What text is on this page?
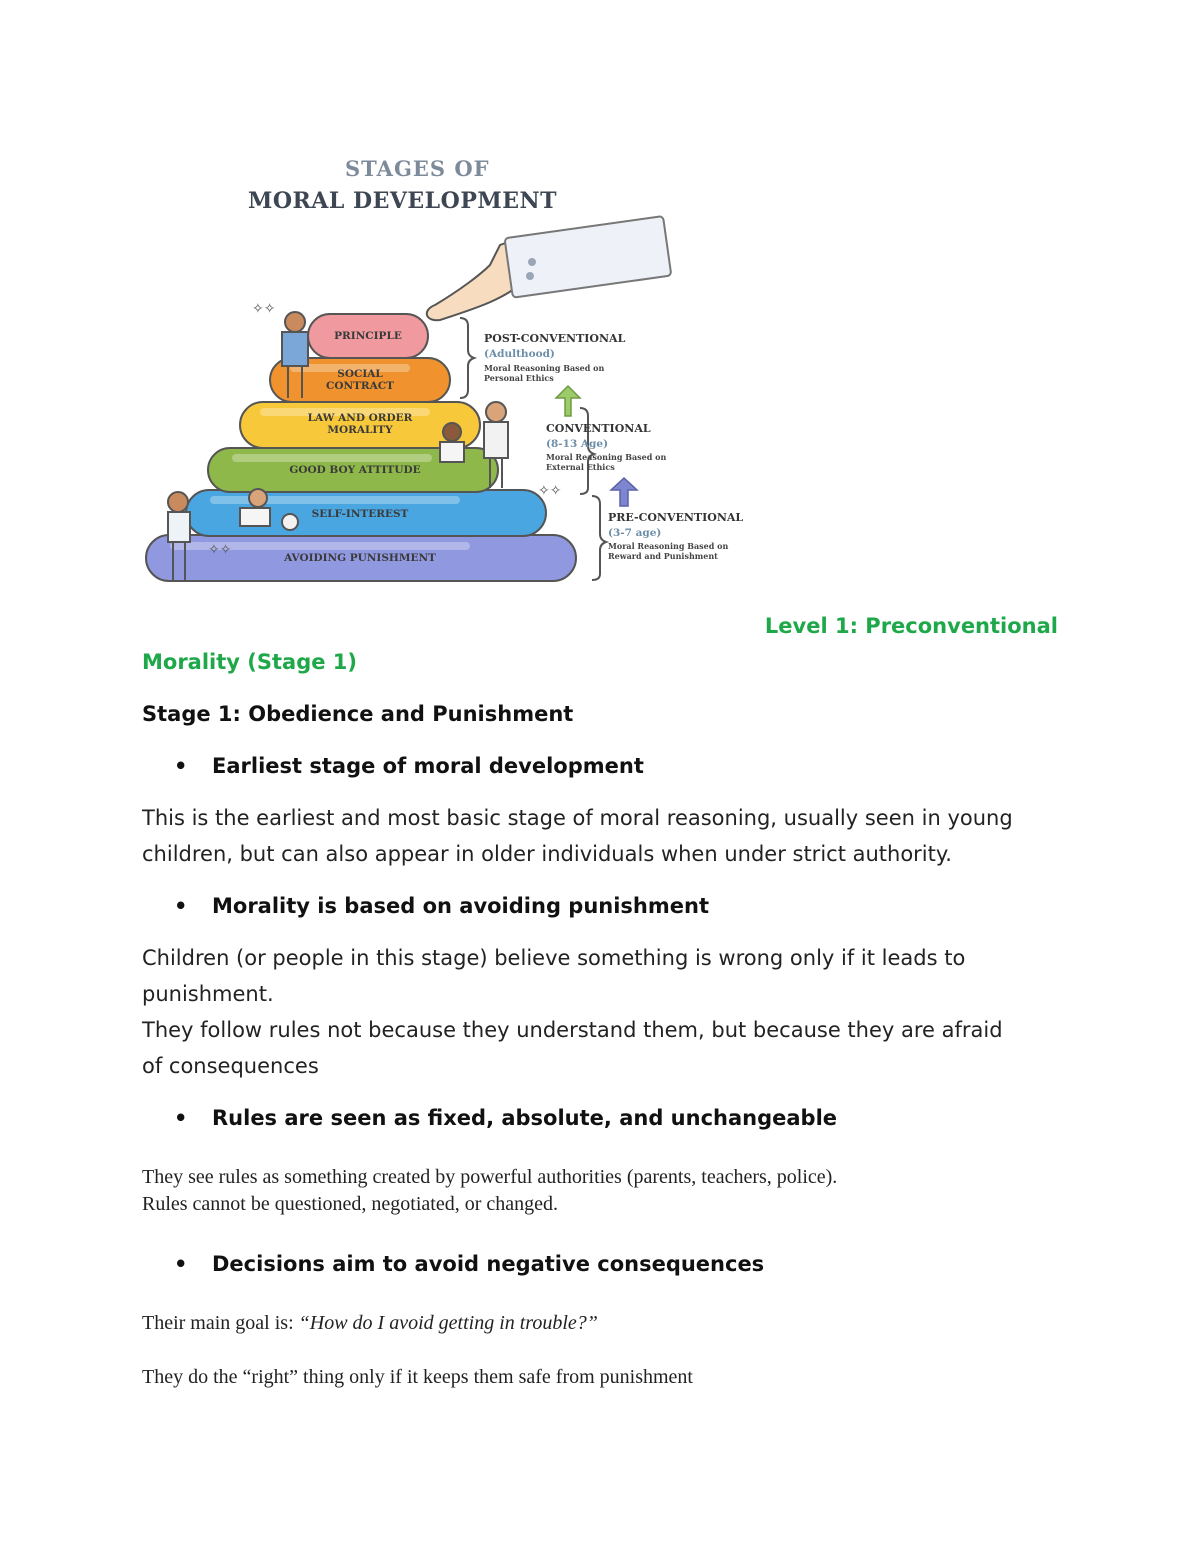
✧✧
✧✧
✧✧
STAGES OF
MORAL DEVELOPMENT
PRINCIPLE
SOCIAL CONTRACT
LAW AND ORDER MORALITY
GOOD BOY ATTITUDE
SELF-INTEREST
AVOIDING PUNISHMENT
POST-CONVENTIONAL
(Adulthood)
Moral Reasoning Based on Personal Ethics
CONVENTIONAL
(8-13 Age)
Moral Reasoning Based on External Ethics
PRE-CONVENTIONAL
(3-7 age)
Moral Reasoning Based on Reward and Punishment
Level 1: Preconventional
Morality (Stage 1)
Stage 1: Obedience and Punishment
• Earliest stage of moral development
This is the earliest and most basic stage of moral reasoning, usually seen in young
children, but can also appear in older individuals when under strict authority.
• Morality is based on avoiding punishment
Children (or people in this stage) believe something is wrong only if it leads to
punishment.
They follow rules not because they understand them, but because they are afraid
of consequences
• Rules are seen as fixed, absolute, and unchangeable
They see rules as something created by powerful authorities (parents, teachers, police).
Rules cannot be questioned, negotiated, or changed.
• Decisions aim to avoid negative consequences
Their main goal is: “How do I avoid getting in trouble?”
They do the “right” thing only if it keeps them safe from punishment
